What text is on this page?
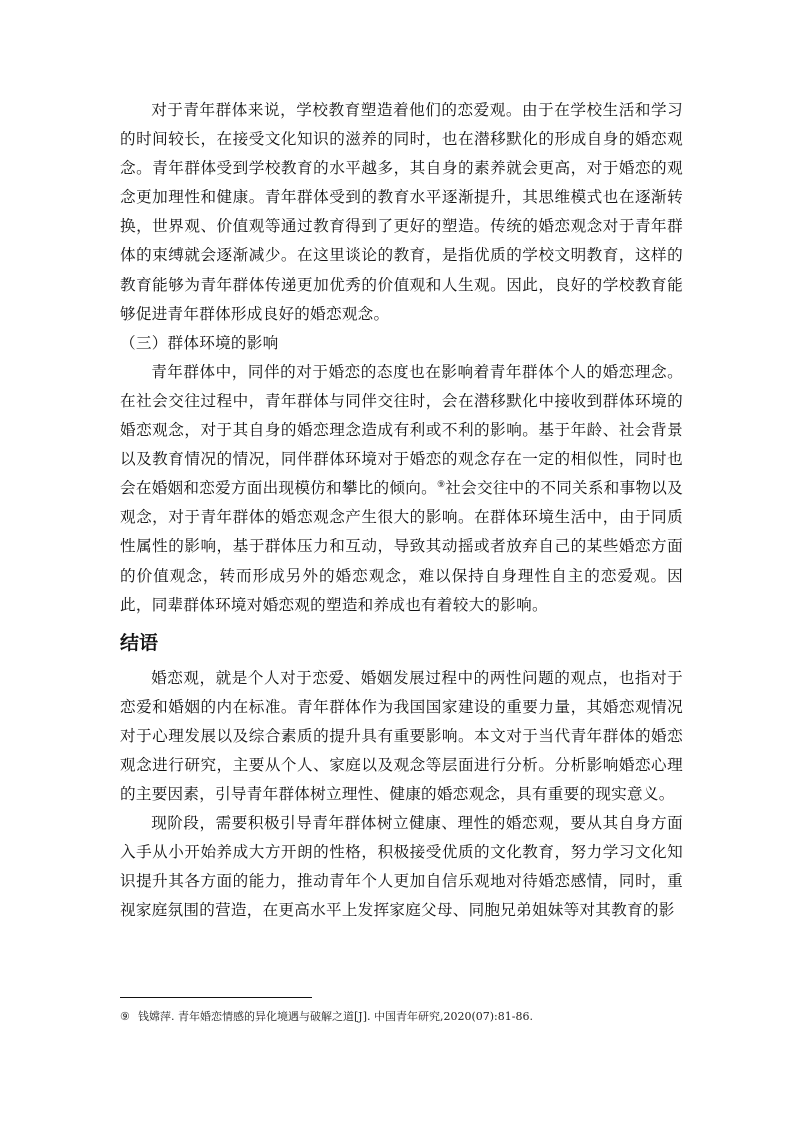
对于青年群体来说，学校教育塑造着他们的恋爱观。由于在学校生活和学习的时间较长，在接受文化知识的滋养的同时，也在潜移默化的形成自身的婚恋观念。青年群体受到学校教育的水平越多，其自身的素养就会更高，对于婚恋的观念更加理性和健康。青年群体受到的教育水平逐渐提升，其思维模式也在逐渐转换，世界观、价值观等通过教育得到了更好的塑造。传统的婚恋观念对于青年群体的束缚就会逐渐减少。在这里谈论的教育，是指优质的学校文明教育，这样的教育能够为青年群体传递更加优秀的价值观和人生观。因此，良好的学校教育能够促进青年群体形成良好的婚恋观念。

（三）群体环境的影响

青年群体中，同伴的对于婚恋的态度也在影响着青年群体个人的婚恋理念。在社会交往过程中，青年群体与同伴交往时，会在潜移默化中接收到群体环境的婚恋观念，对于其自身的婚恋理念造成有利或不利的影响。基于年龄、社会背景以及教育情况的情况，同伴群体环境对于婚恋的观念存在一定的相似性，同时也会在婚姻和恋爱方面出现模仿和攀比的倾向。⑨社会交往中的不同关系和事物以及观念，对于青年群体的婚恋观念产生很大的影响。在群体环境生活中，由于同质性属性的影响，基于群体压力和互动，导致其动摇或者放弃自己的某些婚恋方面的价值观念，转而形成另外的婚恋观念，难以保持自身理性自主的恋爱观。因此，同辈群体环境对婚恋观的塑造和养成也有着较大的影响。

结语

婚恋观，就是个人对于恋爱、婚姻发展过程中的两性问题的观点，也指对于恋爱和婚姻的内在标准。青年群体作为我国国家建设的重要力量，其婚恋观情况对于心理发展以及综合素质的提升具有重要影响。本文对于当代青年群体的婚恋观念进行研究，主要从个人、家庭以及观念等层面进行分析。分析影响婚恋心理的主要因素，引导青年群体树立理性、健康的婚恋观念，具有重要的现实意义。

现阶段，需要积极引导青年群体树立健康、理性的婚恋观，要从其自身方面入手从小开始养成大方开朗的性格，积极接受优质的文化教育，努力学习文化知识提升其各方面的能力，推动青年个人更加自信乐观地对待婚恋感情，同时，重视家庭氛围的营造，在更高水平上发挥家庭父母、同胞兄弟姐妹等对其教育的影

⑨ 钱嫦萍. 青年婚恋情感的异化境遇与破解之道[J]. 中国青年研究,2020(07):81-86.
